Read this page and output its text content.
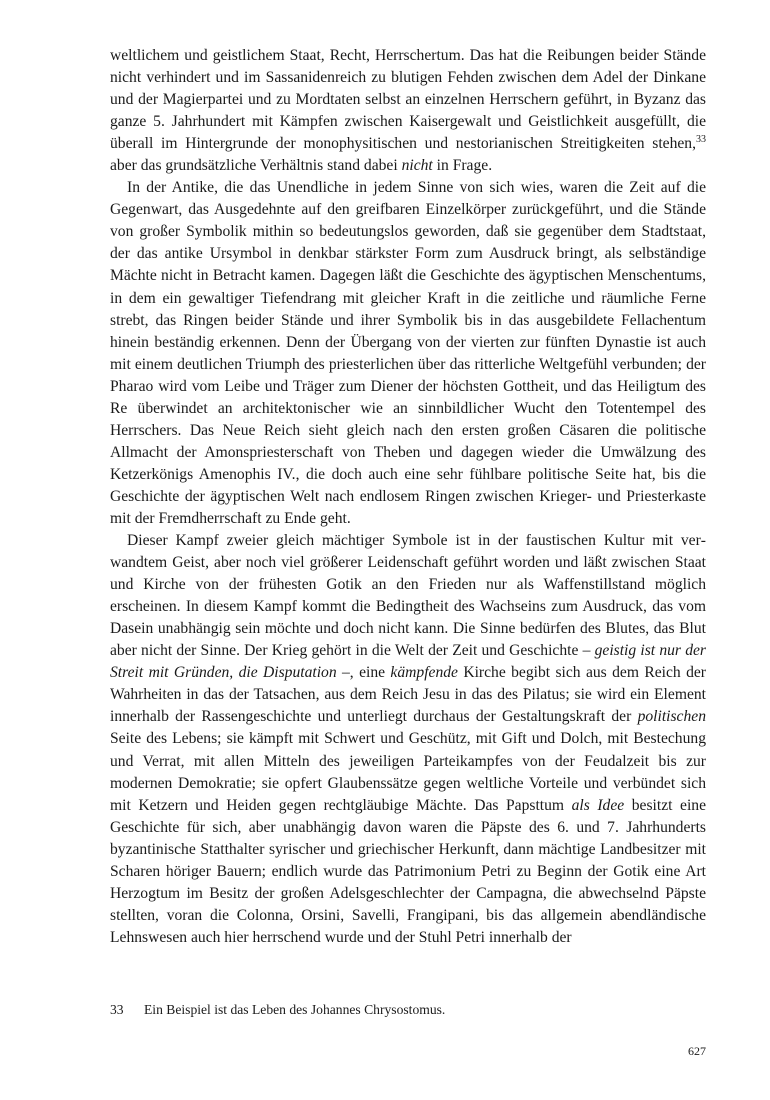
weltlichem und geistlichem Staat, Recht, Herrschertum. Das hat die Reibungen beider Stände nicht verhindert und im Sassanidenreich zu blutigen Fehden zwischen dem Adel der Dinkane und der Magierpartei und zu Mordtaten selbst an einzelnen Herrschern geführt, in Byzanz das ganze 5. Jahrhundert mit Kämpfen zwischen Kaisergewalt und Geistlichkeit ausgefüllt, die überall im Hintergrunde der monophysitischen und nestorianischen Streitigkeiten stehen,$^{33}$ aber das grundsätzliche Verhältnis stand dabei nicht in Frage.

In der Antike, die das Unendliche in jedem Sinne von sich wies, waren die Zeit auf die Gegenwart, das Ausgedehnte auf den greifbaren Einzelkörper zurückgeführt, und die Stände von großer Symbolik mithin so bedeutungslos geworden, daß sie gegenüber dem Stadtstaat, der das antike Ursymbol in denkbar stärkster Form zum Ausdruck bringt, als selbständige Mächte nicht in Betracht kamen. Dagegen läßt die Geschichte des ägyptischen Menschentums, in dem ein gewaltiger Tiefendrang mit gleicher Kraft in die zeitliche und räumliche Ferne strebt, das Ringen beider Stände und ihrer Symbolik bis in das ausgebildete Fellachentum hinein beständig erkennen. Denn der Übergang von der vierten zur fünften Dynastie ist auch mit einem deutlichen Triumph des priesterlichen über das ritterliche Weltgefühl verbunden; der Pharao wird vom Leibe und Träger zum Diener der höchsten Gottheit, und das Heiligtum des Re überwindet an architektonischer wie an sinnbildlicher Wucht den Totentempel des Herrschers. Das Neue Reich sieht gleich nach den ersten großen Cäsaren die politische Allmacht der Amonspriesterschaft von Theben und dagegen wieder die Umwälzung des Ketzerkönigs Amenophis IV., die doch auch eine sehr fühlbare politische Seite hat, bis die Geschichte der ägyptischen Welt nach endlosem Ringen zwischen Krieger- und Priesterkaste mit der Fremdherrschaft zu Ende geht.

Dieser Kampf zweier gleich mächtiger Symbole ist in der faustischen Kultur mit verwandtem Geist, aber noch viel größerer Leidenschaft geführt worden und läßt zwischen Staat und Kirche von der frühesten Gotik an den Frieden nur als Waffenstillstand möglich erscheinen. In diesem Kampf kommt die Bedingtheit des Wachseins zum Ausdruck, das vom Dasein unabhängig sein möchte und doch nicht kann. Die Sinne bedürfen des Blutes, das Blut aber nicht der Sinne. Der Krieg gehört in die Welt der Zeit und Geschichte – geistig ist nur der Streit mit Gründen, die Disputation –, eine kämpfende Kirche begibt sich aus dem Reich der Wahrheiten in das der Tatsachen, aus dem Reich Jesu in das des Pilatus; sie wird ein Element innerhalb der Rassengeschichte und unterliegt durchaus der Gestaltungskraft der politischen Seite des Lebens; sie kämpft mit Schwert und Geschütz, mit Gift und Dolch, mit Bestechung und Verrat, mit allen Mitteln des jeweiligen Parteikampfes von der Feudalzeit bis zur modernen Demokratie; sie opfert Glaubenssätze gegen weltliche Vorteile und verbündet sich mit Ketzern und Heiden gegen rechtgläubige Mächte. Das Papsttum als Idee besitzt eine Geschichte für sich, aber unabhängig davon waren die Päpste des 6. und 7. Jahrhunderts byzantinische Statthalter syrischer und griechischer Herkunft, dann mächtige Landbesitzer mit Scharen höriger Bauern; endlich wurde das Patrimonium Petri zu Beginn der Gotik eine Art Herzogtum im Besitz der großen Adelsgeschlechter der Campagna, die abwechselnd Päpste stellten, voran die Colonna, Orsini, Savelli, Frangipani, bis das allgemein abendländische Lehnswesen auch hier herrschend wurde und der Stuhl Petri innerhalb der

33 Ein Beispiel ist das Leben des Johannes Chrysostomus.
627
